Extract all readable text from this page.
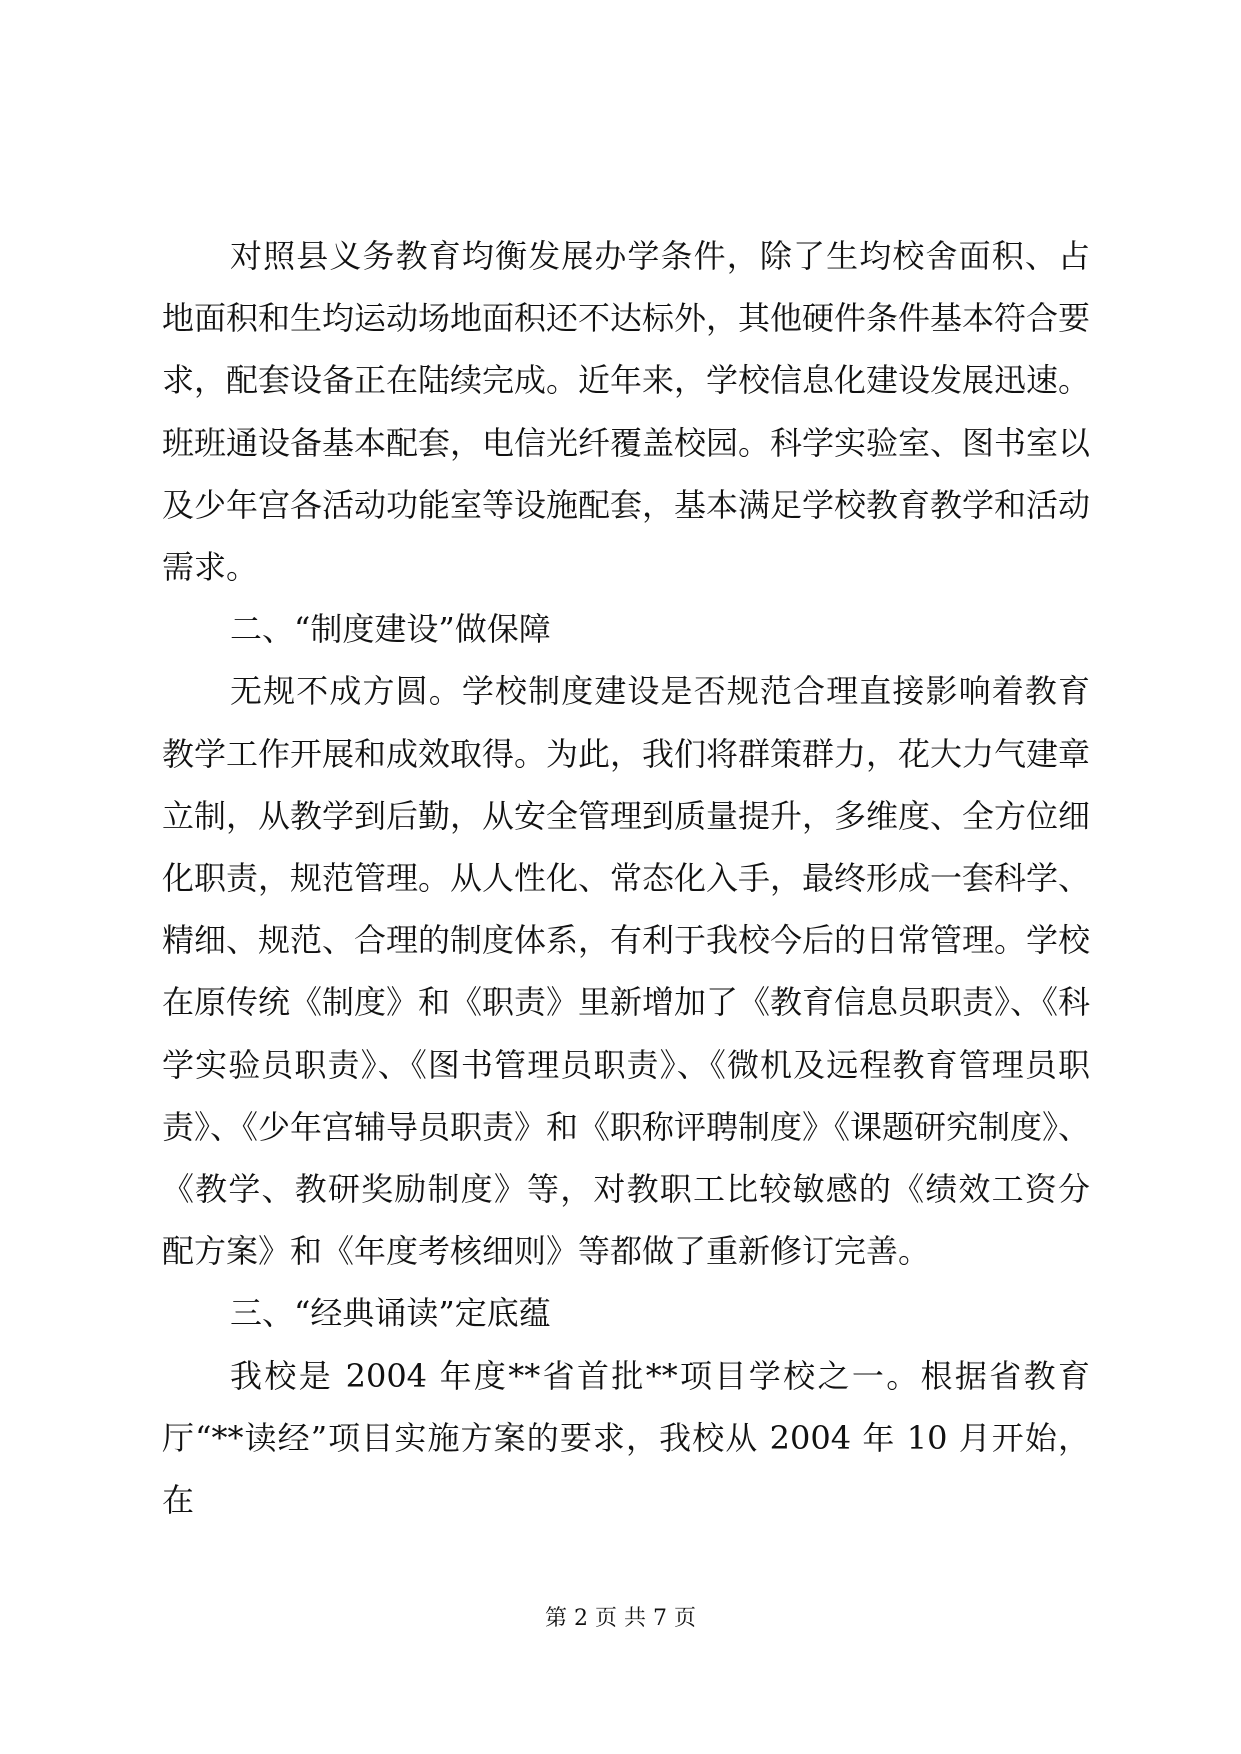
对照县义务教育均衡发展办学条件，除了生均校舍面积、占地面积和生均运动场地面积还不达标外，其他硬件条件基本符合要求，配套设备正在陆续完成。近年来，学校信息化建设发展迅速。班班通设备基本配套，电信光纤覆盖校园。科学实验室、图书室以及少年宫各活动功能室等设施配套，基本满足学校教育教学和活动需求。

二、“制度建设”做保障

无规不成方圆。学校制度建设是否规范合理直接影响着教育教学工作开展和成效取得。为此，我们将群策群力，花大力气建章立制，从教学到后勤，从安全管理到质量提升，多维度、全方位细化职责，规范管理。从人性化、常态化入手，最终形成一套科学、精细、规范、合理的制度体系，有利于我校今后的日常管理。学校在原传统《制度》和《职责》里新增加了《教育信息员职责》、《科学实验员职责》、《图书管理员职责》、《微机及远程教育管理员职责》、《少年宫辅导员职责》和《职称评聘制度》《课题研究制度》、《教学、教研奖励制度》等，对教职工比较敏感的《绩效工资分配方案》和《年度考核细则》等都做了重新修订完善。

三、“经典诵读”定底蕴

我校是 2004 年度**省首批**项目学校之一。根据省教育厅“**读经”项目实施方案的要求，我校从 2004 年 10 月开始，在

第 2 页 共 7 页
